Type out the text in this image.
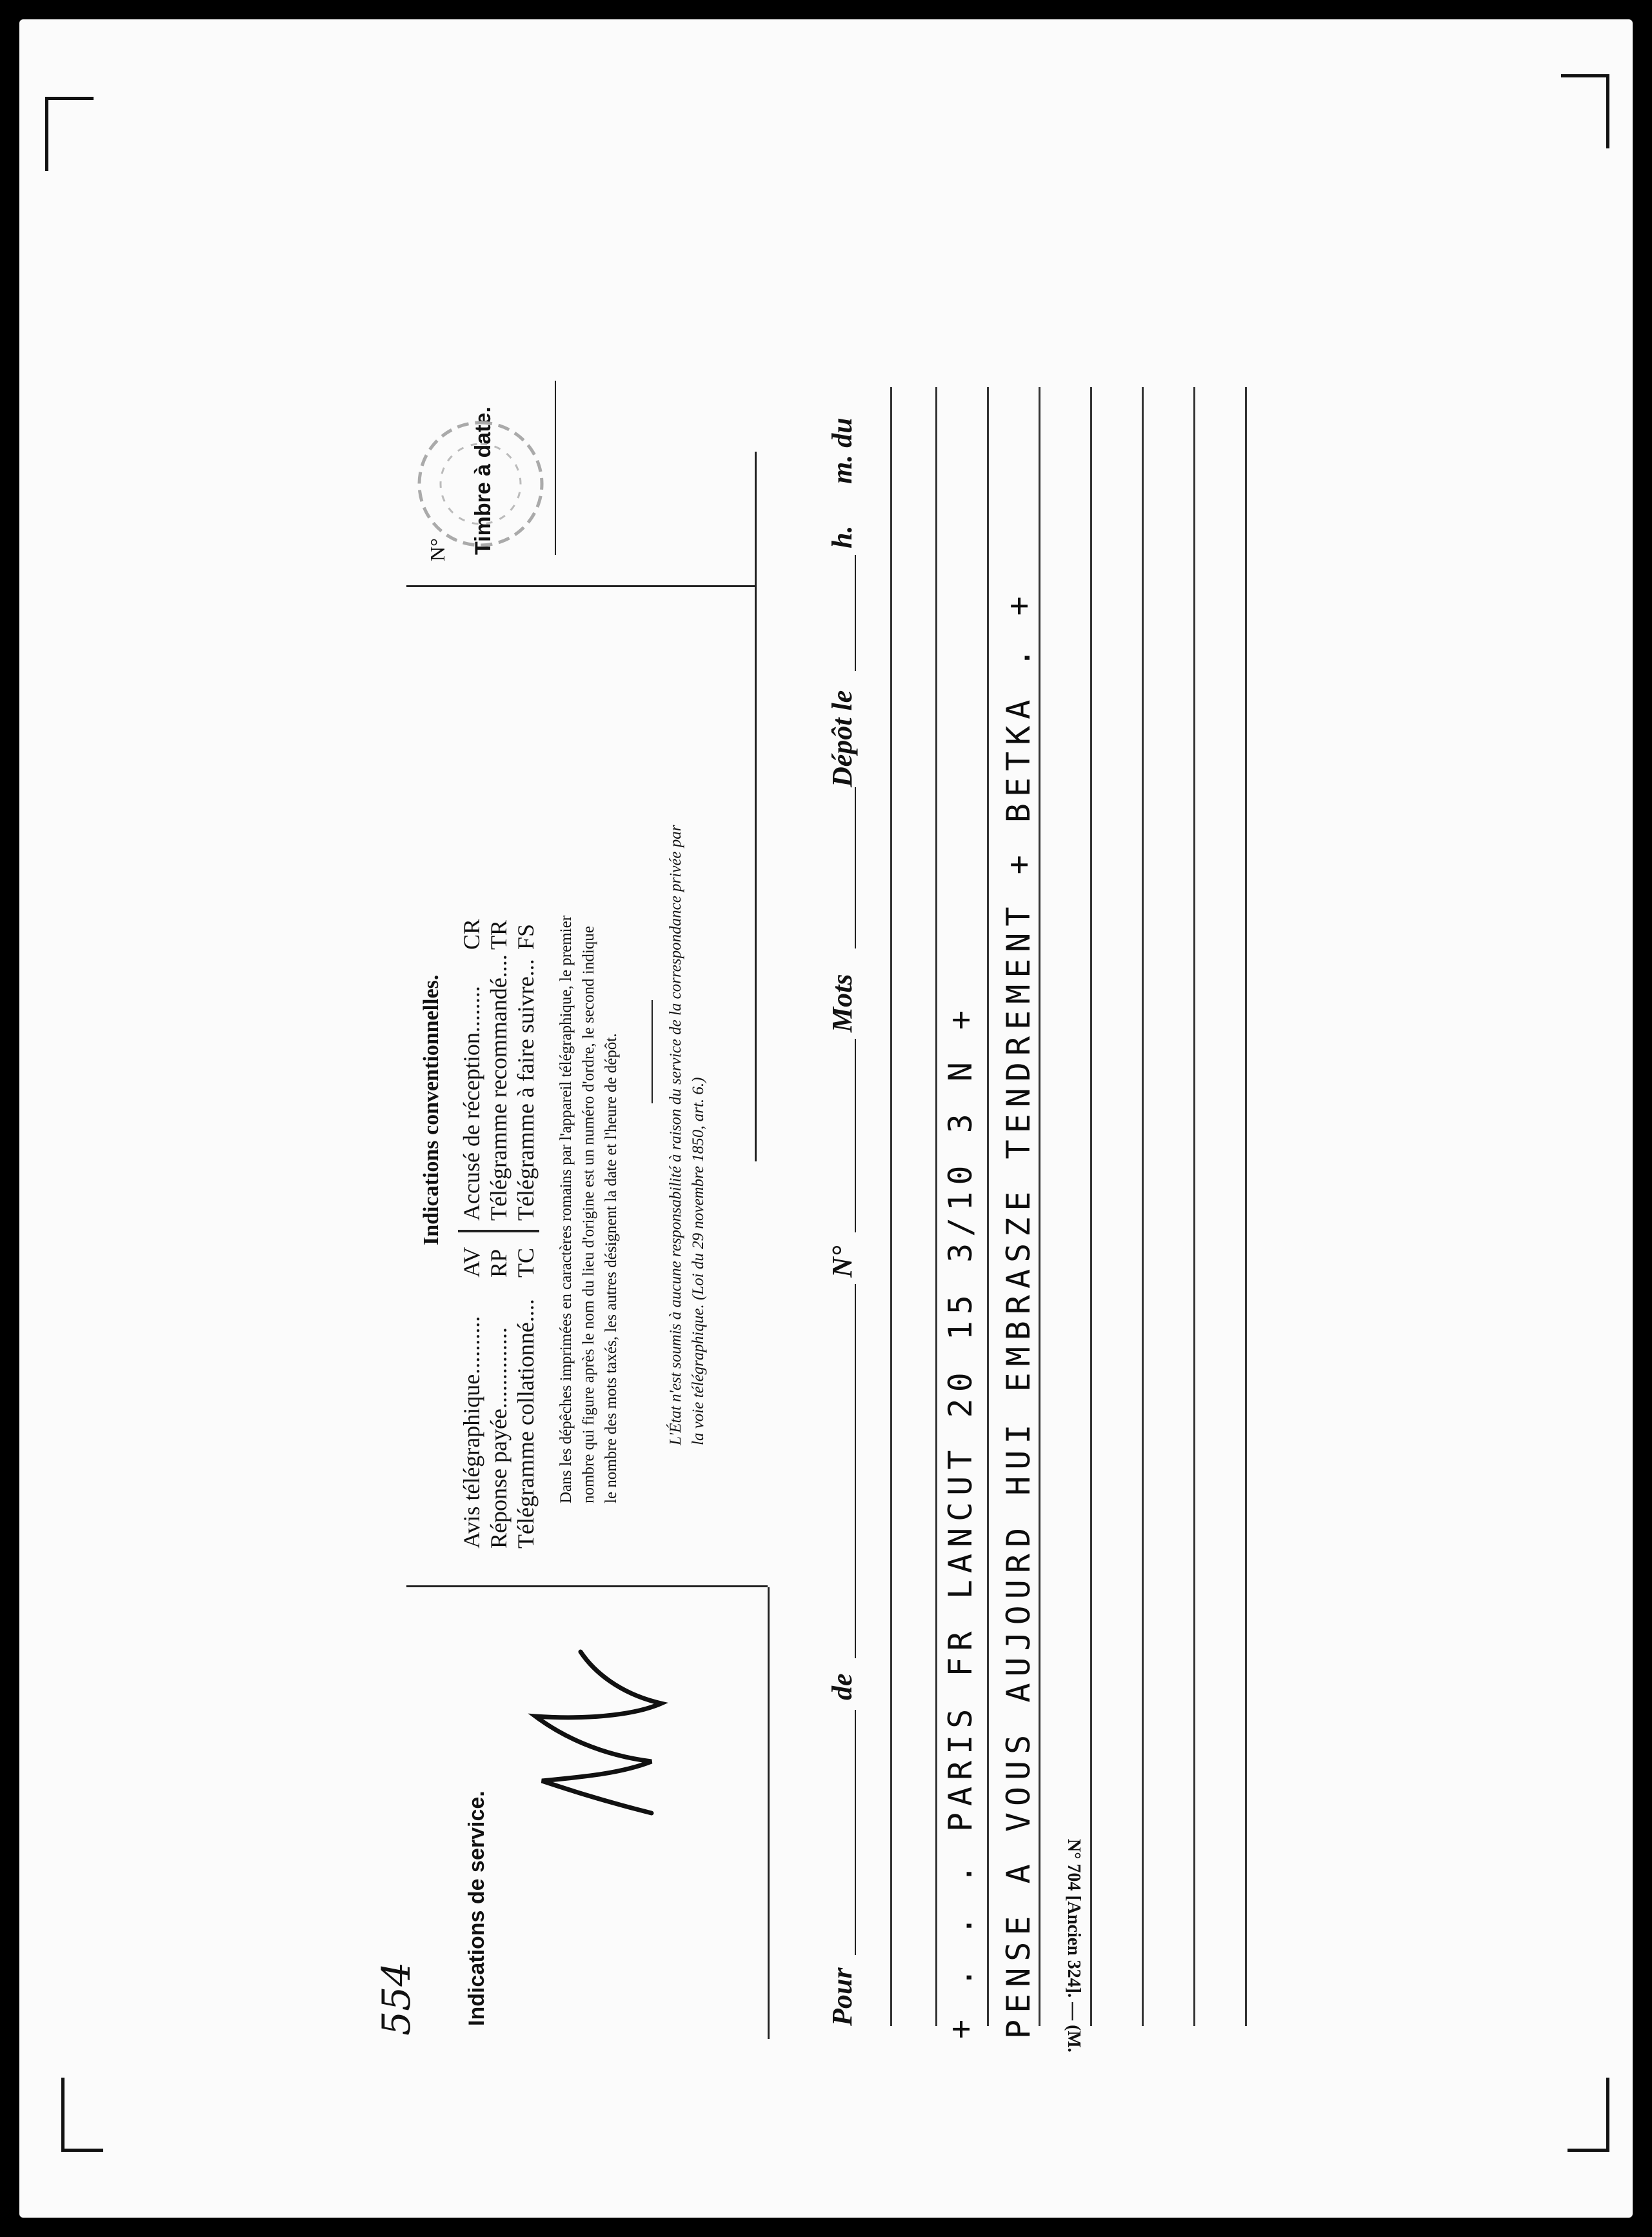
554 Indications de service.
Indications conventionnelles.
Avis télégraphique..........
AV
Accusé de réception........
CR
Réponse payée..............
RP
Télégramme recommandé....
TR
Télégramme collationné....
TC
Télégramme à faire suivre...
FS Dans les dépêches imprimées en caractères romains par l'appareil télégraphique, le premier nombre qui figure après le nom du lieu d'origine est un numéro d'ordre, le second indique le nombre des mots taxés, les autres désignent la date et l'heure de dépôt.	L'État n'est soumis à aucune responsabilité à raison du service de la correspondance privée par la voie télégraphique. (Loi du 29 novembre 1850, art. 6.)
N° Timbre à date.
Pour
de
N°
Mots
Dépôt le
h.
m. du
+ . . . PARIS FR LANCUT 20 15 3/10 3 N + PENSE A VOUS AUJOURD HUI EMBRASZE TENDREMENT + BETKA . + N° 704 [Ancien 324]. — (M.
